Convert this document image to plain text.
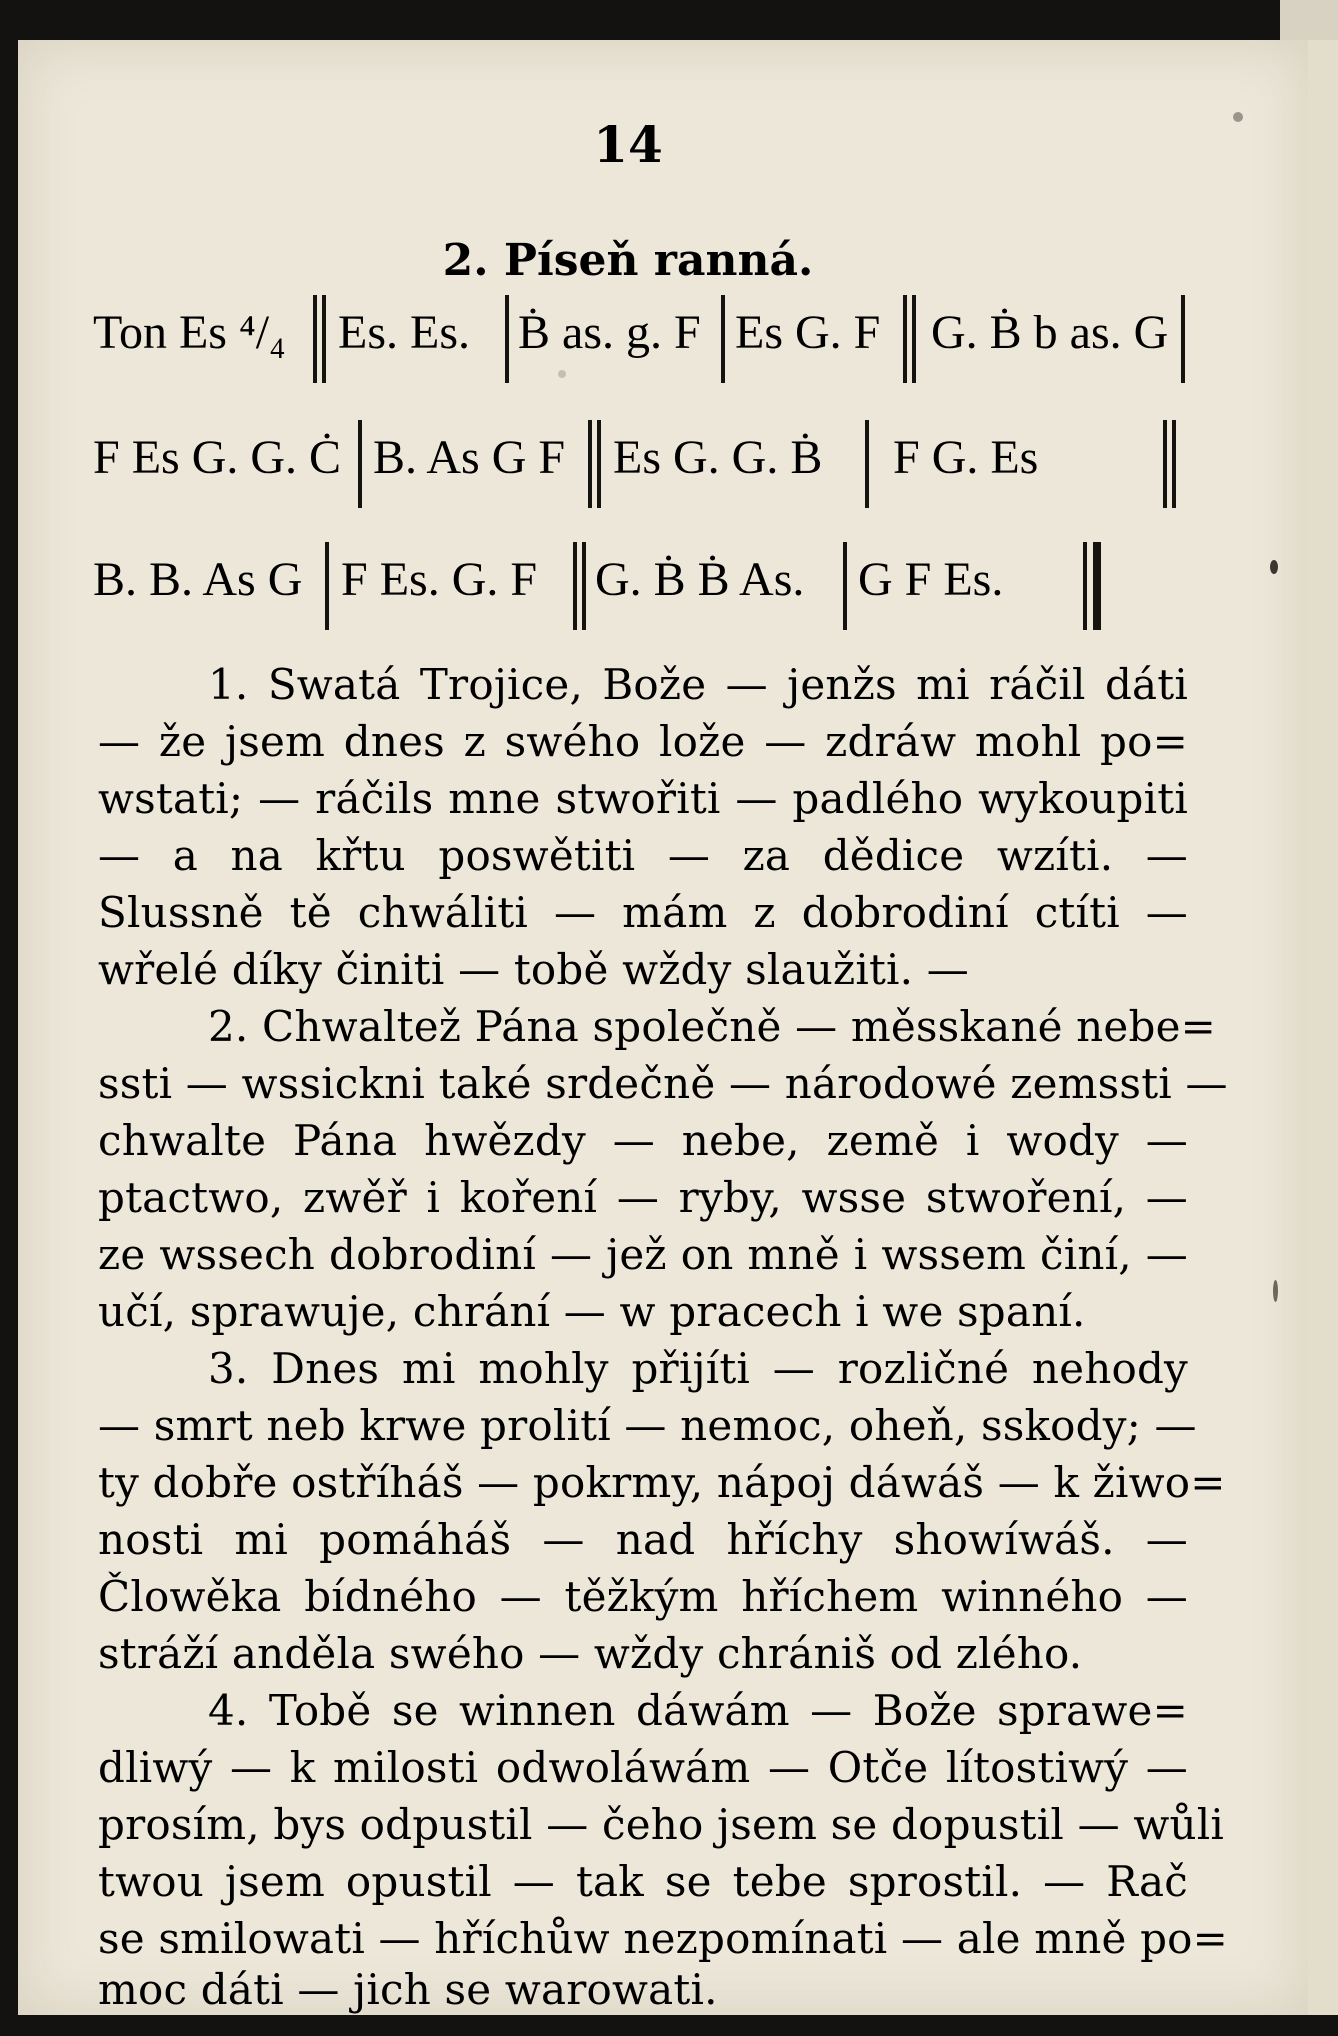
14
2. Píseň ranná.
Ton Es ⁴/₄ Es. Es. Ḃ as. g. F Es G. F G. Ḃ b as. G
F Es G. G. Ċ B. As G F Es G. G. Ḃ F G. Es
B. B. As G F Es. G. F G. Ḃ Ḃ As. G F Es.
1. Swatá Trojice, Bože — jenžs mi ráčil dáti
— že jsem dnes z swého lože — zdráw mohl po=
wstati; — ráčils mne stwořiti — padlého wykoupiti
— a na křtu poswětiti — za dědice wzíti. —
Slussně tě chwáliti — mám z dobrodiní ctíti —
wřelé díky činiti — tobě wždy slaužiti. —
2. Chwaltež Pána společně — měsskané nebe=
ssti — wssickni také srdečně — národowé zemssti —
chwalte Pána hwězdy — nebe, země i wody —
ptactwo, zwěř i koření — ryby, wsse stwoření, —
ze wssech dobrodiní — jež on mně i wssem činí, —
učí, sprawuje, chrání — w pracech i we spaní.
3. Dnes mi mohly přijíti — rozličné nehody
— smrt neb krwe prolití — nemoc, oheň, sskody; —
ty dobře ostříháš — pokrmy, nápoj dáwáš — k žiwo=
nosti mi pomáháš — nad hříchy showíwáš. —
Člowěka bídného — těžkým hříchem winného —
stráží anděla swého — wždy chrániš od zlého.
4. Tobě se winnen dáwám — Bože sprawe=
dliwý — k milosti odwoláwám — Otče lítostiwý —
prosím, bys odpustil — čeho jsem se dopustil — wůli
twou jsem opustil — tak se tebe sprostil. — Rač
se smilowati — hříchůw nezpomínati — ale mně po=
moc dáti — jich se warowati.
